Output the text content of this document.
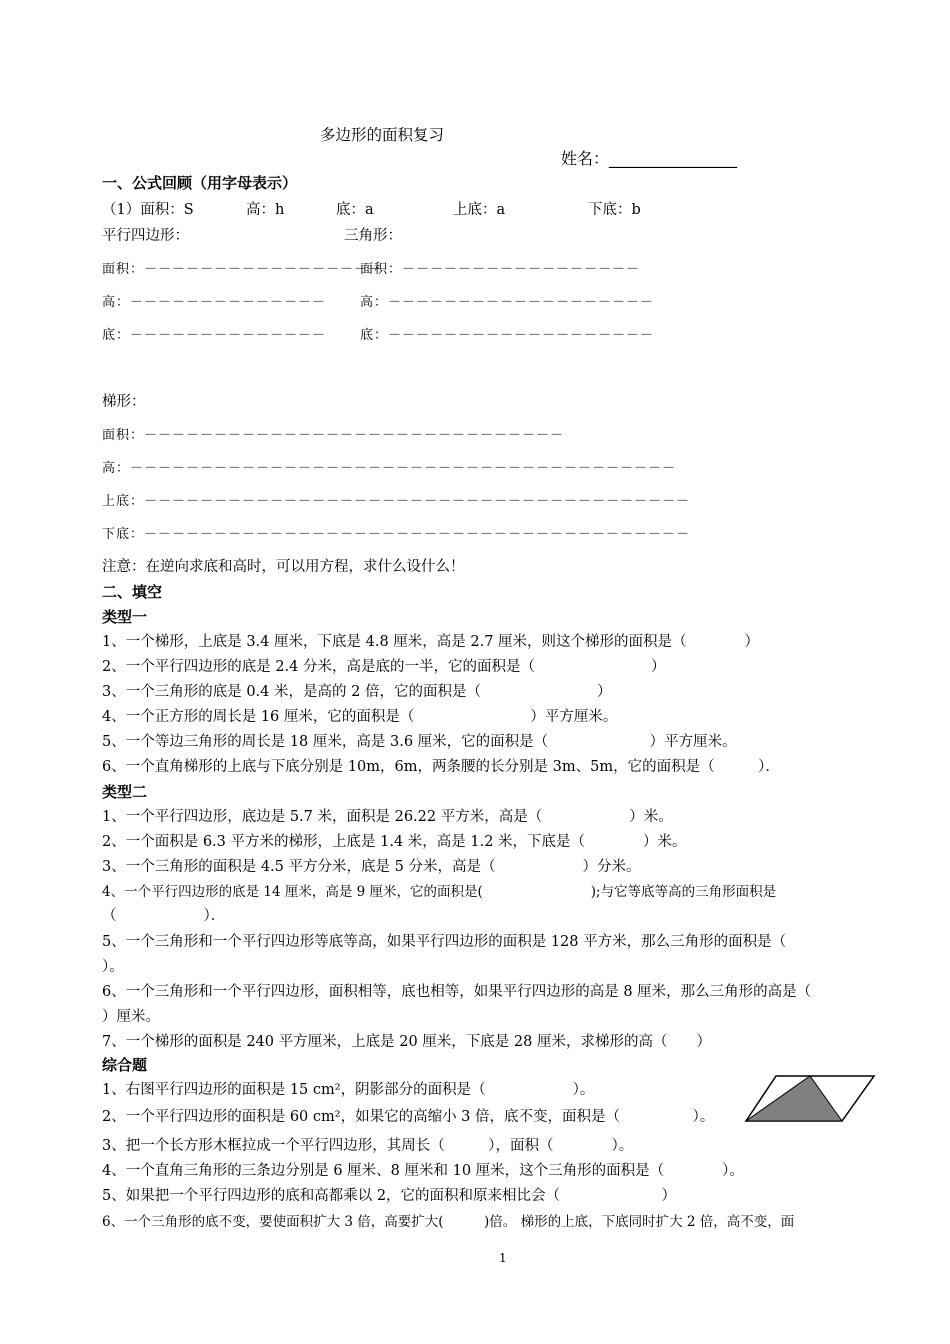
多边形的面积复习
姓名：________________
一、公式回顾（用字母表示）
（1）面积：S	高：h	底：a	上底：a	下底：b
平行四边形：	三角形：
面积：－－－－－－－－－－－－－－－－－
高：－－－－－－－－－－－－－－
底：－－－－－－－－－－－－－－
面积：－－－－－－－－－－－－－－－－－
高：－－－－－－－－－－－－－－－－－－－
底：－－－－－－－－－－－－－－－－－－－
梯形：
面积：－－－－－－－－－－－－－－－－－－－－－－－－－－－－－－
高：－－－－－－－－－－－－－－－－－－－－－－－－－－－－－－－－－－－－－－－
上底：－－－－－－－－－－－－－－－－－－－－－－－－－－－－－－－－－－－－－－－
下底：－－－－－－－－－－－－－－－－－－－－－－－－－－－－－－－－－－－－－－－
注意：在逆向求底和高时，可以用方程，求什么设什么！
二、填空
类型一
1、一个梯形，上底是 3.4 厘米，下底是 4.8 厘米，高是 2.7 厘米，则这个梯形的面积是（　　　　）
2、一个平行四边形的底是 2.4 分米，高是底的一半，它的面积是（　　　　　　　　）
3、一个三角形的底是 0.4 米，是高的 2 倍，它的面积是（　　　　　　　　）
4、一个正方形的周长是 16 厘米，它的面积是（　　　　　　　　）平方厘米。
5、一个等边三角形的周长是 18 厘米，高是 3.6 厘米，它的面积是（　　　　　　　）平方厘米。
6、一个直角梯形的上底与下底分别是 10m，6m，两条腰的长分别是 3m、5m，它的面积是（　　　）．
类型二
1、一个平行四边形，底边是 5.7 米，面积是 26.22 平方米，高是（　　　　　　）米。
2、一个面积是 6.3 平方米的梯形，上底是 1.4 米，高是 1.2 米，下底是（　　　　）米。
3、一个三角形的面积是 4.5 平方分米，底是 5 分米，高是（　　　　　　）分米。
4、一个平行四边形的底是 14 厘米，高是 9 厘米，它的面积是(　　　　　　　　);与它等底等高的三角形面积是
（　　　　　　）．
5、一个三角形和一个平行四边形等底等高，如果平行四边形的面积是 128 平方米，那么三角形的面积是（
）。
6、一个三角形和一个平行四边形，面积相等，底也相等，如果平行四边形的高是 8 厘米，那么三角形的高是（
）厘米。
7、一个梯形的面积是 240 平方厘米，上底是 20 厘米，下底是 28 厘米，求梯形的高（　　）
综合题
1、右图平行四边形的面积是 15 cm²，阴影部分的面积是（　　　　　　）。
2、一个平行四边形的面积是 60 cm²，如果它的高缩小 3 倍，底不变，面积是（　　　　　）。
3、把一个长方形木框拉成一个平行四边形，其周长（　　　），面积（　　　　）。
4、一个直角三角形的三条边分别是 6 厘米、8 厘米和 10 厘米，这个三角形的面积是（　　　　）。
5、如果把一个平行四边形的底和高都乘以 2，它的面积和原来相比会（　　　　　　　）
6、一个三角形的底不变，要使面积扩大 3 倍，高要扩大(　　　)倍。 梯形的上底，下底同时扩大 2 倍，高不变，面
1
